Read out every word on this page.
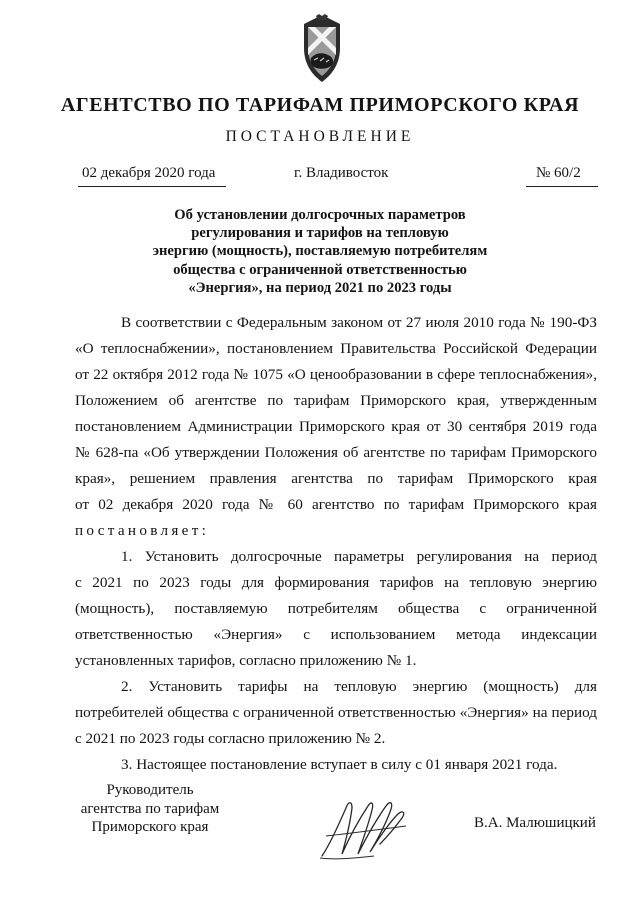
АГЕНТСТВО ПО ТАРИФАМ ПРИМОРСКОГО КРАЯ
ПОСТАНОВЛЕНИЕ
02 декабря 2020 года	г. Владивосток	№ 60/2
Об установлении долгосрочных параметров
регулирования и тарифов на тепловую
энергию (мощность), поставляемую потребителям
общества с ограниченной ответственностью
«Энергия», на период 2021 по 2023 годы
В соответствии с Федеральным законом от 27 июля 2010 года № 190-ФЗ
«О теплоснабжении», постановлением Правительства Российской Федерации
от 22 октября 2012 года № 1075 «О ценообразовании в сфере теплоснабжения»,
Положением об агентстве по тарифам Приморского края, утвержденным
постановлением Администрации Приморского края от 30 сентября 2019 года
№ 628-па «Об утверждении Положения об агентстве по тарифам Приморского
края», решением правления агентства по тарифам Приморского края
от 02 декабря 2020 года № 60 агентство по тарифам Приморского края
постановляет:
1. Установить долгосрочные параметры регулирования на период
с 2021 по 2023 годы для формирования тарифов на тепловую энергию
(мощность), поставляемую потребителям общества с ограниченной
ответственностью «Энергия» с использованием метода индексации
установленных тарифов, согласно приложению № 1.
2. Установить тарифы на тепловую энергию (мощность) для
потребителей общества с ограниченной ответственностью «Энергия» на период
с 2021 по 2023 годы согласно приложению № 2.
3. Настоящее постановление вступает в силу с 01 января 2021 года.
Руководитель
агентства по тарифам
Приморского края	В.А. Малюшицкий
